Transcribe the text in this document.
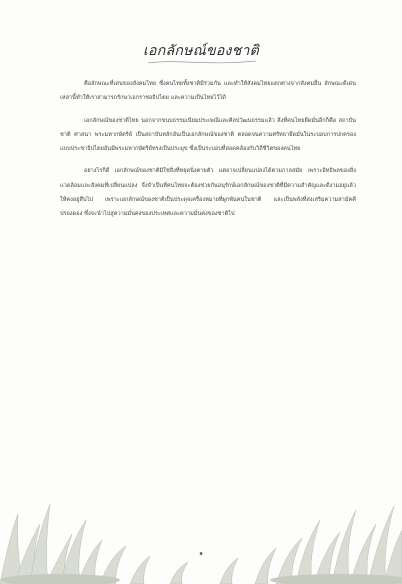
เอกลักษณ์ของชาติ

คือลักษณะที่เด่นของสังคมไทย ซึ่งคนไทยทั้งชาติมีร่วมกัน และทำให้สังคมไทยแตกต่างจากสังคมอื่น ลักษณะดีเด่นเหล่านี้ทำให้เราสามารถรักษาเอกราชอธิปไตย และความเป็นไทยไว้ได้

เอกลักษณ์ของชาติไทย นอกจากขนบธรรมเนียมประเพณีและศิลปวัฒนธรรมแล้ว สิ่งที่คนไทยยึดมั่นอีกก็คือ สถาบันชาติ ศาสนา พระมหากษัตริย์ เป็นสถาบันหลักอันเป็นเอกลักษณ์ของชาติ ตลอดจนความศรัทธายึดมั่นในระบอบการปกครองแบบประชาธิปไตยอันมีพระมหากษัตริย์ทรงเป็นประมุข ซึ่งเป็นระบอบที่สอดคล้องกับวิถีชีวิตของคนไทย

อย่างไรก็ดี เอกลักษณ์ของชาติมิใช่สิ่งที่หยุดนิ่งตายตัว แต่อาจเปลี่ยนแปลงได้ตามกาลสมัย เพราะอิทธิพลของสิ่งแวดล้อมและสังคมที่เปลี่ยนแปลง จึงจำเป็นที่คนไทยจะต้องช่วยกันอนุรักษ์เอกลักษณ์ของชาติที่มีความสำคัญและดีงามอยู่แล้วให้คงอยู่สืบไป เพราะเอกลักษณ์ของชาติเป็นประดุจเครื่องหมายที่ผูกพันคนในชาติ และเป็นพลังที่ส่งเสริมความสามัคคี ปรองดอง ซึ่งจะนำไปสู่ความมั่นคงของประเทศและความมั่นคงของชาติไป

๑
